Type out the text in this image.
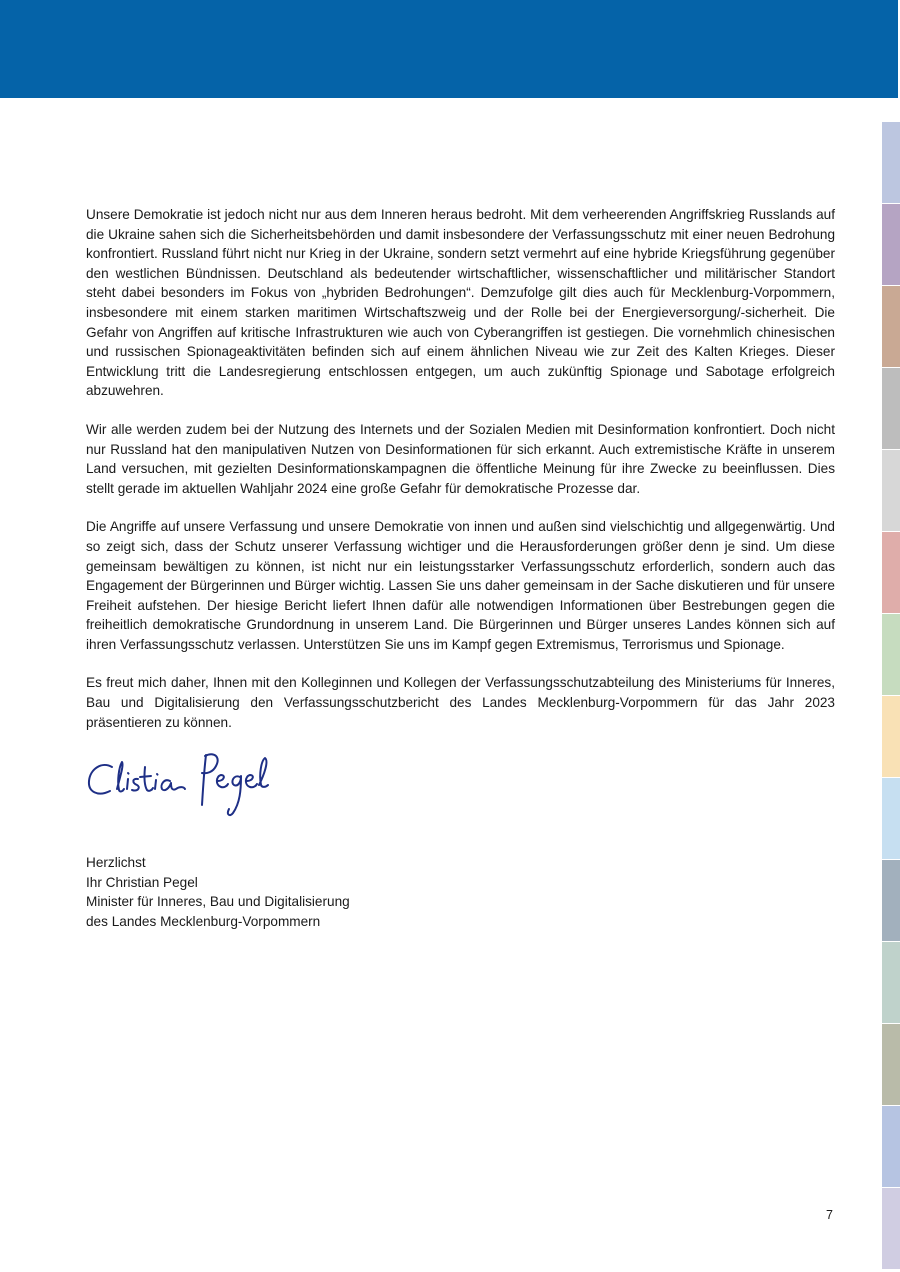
Unsere Demokratie ist jedoch nicht nur aus dem Inneren heraus bedroht. Mit dem verheerenden Angriffskrieg Russlands auf die Ukraine sahen sich die Sicherheitsbehörden und damit insbesondere der Verfassungsschutz mit einer neuen Bedrohung konfrontiert. Russland führt nicht nur Krieg in der Ukraine, sondern setzt vermehrt auf eine hybride Kriegsführung gegenüber den westlichen Bündnissen. Deutschland als bedeutender wirtschaftlicher, wissenschaftlicher und militärischer Standort steht dabei besonders im Fokus von „hybriden Bedrohungen“. Demzufolge gilt dies auch für Mecklenburg-Vorpommern, insbesondere mit einem starken maritimen Wirtschaftszweig und der Rolle bei der Energieversorgung/-sicherheit. Die Gefahr von Angriffen auf kritische Infrastrukturen wie auch von Cyberangriffen ist gestiegen. Die vornehmlich chinesischen und russischen Spionageaktivitäten befinden sich auf einem ähnlichen Niveau wie zur Zeit des Kalten Krieges. Dieser Entwicklung tritt die Landesregierung entschlossen entgegen, um auch zukünftig Spionage und Sabotage erfolgreich abzuwehren.

Wir alle werden zudem bei der Nutzung des Internets und der Sozialen Medien mit Desinformation konfrontiert. Doch nicht nur Russland hat den manipulativen Nutzen von Desinformationen für sich erkannt. Auch extremistische Kräfte in unserem Land versuchen, mit gezielten Desinformationskampagnen die öffentliche Meinung für ihre Zwecke zu beeinflussen. Dies stellt gerade im aktuellen Wahljahr 2024 eine große Gefahr für demokratische Prozesse dar.

Die Angriffe auf unsere Verfassung und unsere Demokratie von innen und außen sind vielschichtig und allgegenwärtig. Und so zeigt sich, dass der Schutz unserer Verfassung wichtiger und die Herausforderungen größer denn je sind. Um diese gemeinsam bewältigen zu können, ist nicht nur ein leistungsstarker Verfassungsschutz erforderlich, sondern auch das Engagement der Bürgerinnen und Bürger wichtig. Lassen Sie uns daher gemeinsam in der Sache diskutieren und für unsere Freiheit aufstehen. Der hiesige Bericht liefert Ihnen dafür alle notwendigen Informationen über Bestrebungen gegen die freiheitlich demokratische Grundordnung in unserem Land. Die Bürgerinnen und Bürger unseres Landes können sich auf ihren Verfassungsschutz verlassen. Unterstützen Sie uns im Kampf gegen Extremismus, Terrorismus und Spionage.

Es freut mich daher, Ihnen mit den Kolleginnen und Kollegen der Verfassungsschutzabteilung des Ministeriums für Inneres, Bau und Digitalisierung den Verfassungsschutzbericht des Landes Mecklenburg-Vorpommern für das Jahr 2023 präsentieren zu können.

Herzlichst
Ihr Christian Pegel
Minister für Inneres, Bau und Digitalisierung
des Landes Mecklenburg-Vorpommern
7
